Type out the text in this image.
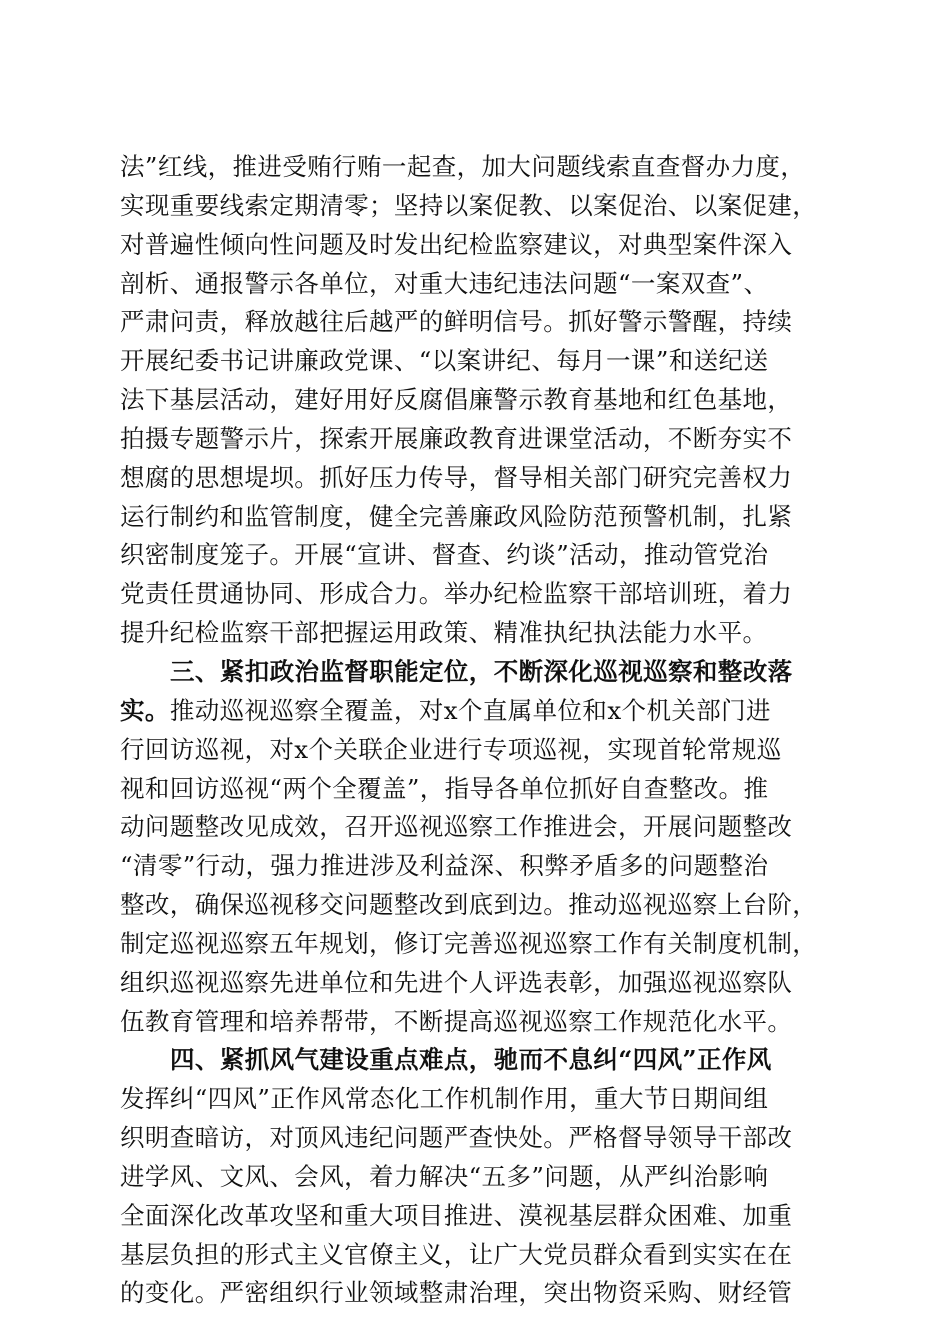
法”红线，推进受贿行贿一起查，加大问题线索直查督办力度，
实现重要线索定期清零；坚持以案促教、以案促治、以案促建，
对普遍性倾向性问题及时发出纪检监察建议，对典型案件深入
剖析、通报警示各单位，对重大违纪违法问题“一案双查”、
严肃问责，释放越往后越严的鲜明信号。抓好警示警醒，持续
开展纪委书记讲廉政党课、“以案讲纪、每月一课”和送纪送
法下基层活动，建好用好反腐倡廉警示教育基地和红色基地，
拍摄专题警示片，探索开展廉政教育进课堂活动，不断夯实不
想腐的思想堤坝。抓好压力传导，督导相关部门研究完善权力
运行制约和监管制度，健全完善廉政风险防范预警机制，扎紧
织密制度笼子。开展“宣讲、督查、约谈”活动，推动管党治
党责任贯通协同、形成合力。举办纪检监察干部培训班，着力
提升纪检监察干部把握运用政策、精准执纪执法能力水平。
三、紧扣政治监督职能定位，不断深化巡视巡察和整改落
实。推动巡视巡察全覆盖，对x个直属单位和x个机关部门进
行回访巡视，对x个关联企业进行专项巡视，实现首轮常规巡
视和回访巡视“两个全覆盖”，指导各单位抓好自查整改。推
动问题整改见成效，召开巡视巡察工作推进会，开展问题整改
“清零”行动，强力推进涉及利益深、积弊矛盾多的问题整治
整改，确保巡视移交问题整改到底到边。推动巡视巡察上台阶，
制定巡视巡察五年规划，修订完善巡视巡察工作有关制度机制，
组织巡视巡察先进单位和先进个人评选表彰，加强巡视巡察队
伍教育管理和培养帮带，不断提高巡视巡察工作规范化水平。
四、紧抓风气建设重点难点，驰而不息纠“四风”正作风
发挥纠“四风”正作风常态化工作机制作用，重大节日期间组
织明查暗访，对顶风违纪问题严查快处。严格督导领导干部改
进学风、文风、会风，着力解决“五多”问题，从严纠治影响
全面深化改革攻坚和重大项目推进、漠视基层群众困难、加重
基层负担的形式主义官僚主义，让广大党员群众看到实实在在
的变化。严密组织行业领域整肃治理，突出物资采购、财经管
